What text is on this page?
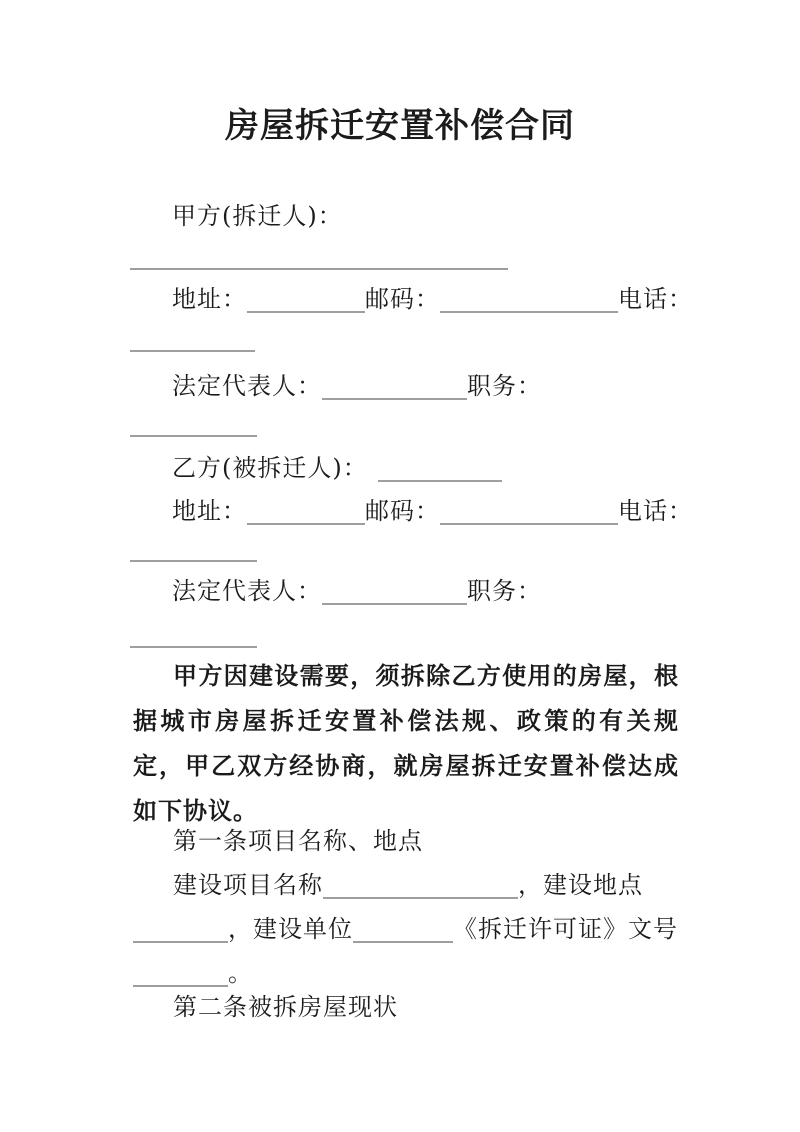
房屋拆迁安置补偿合同
甲方(拆迁人)：
地址：	邮码：	电话：
法定代表人：	职务：
乙方(被拆迁人)：
地址：	邮码：	电话：
法定代表人：	职务：
甲方因建设需要，须拆除乙方使用的房屋，根据城市房屋拆迁安置补偿法规、政策的有关规定，甲乙双方经协商，就房屋拆迁安置补偿达成如下协议。
第一条项目名称、地点
建设项目名称	，建设地点
，建设单位	《拆迁许可证》文号
。
第二条被拆房屋现状
